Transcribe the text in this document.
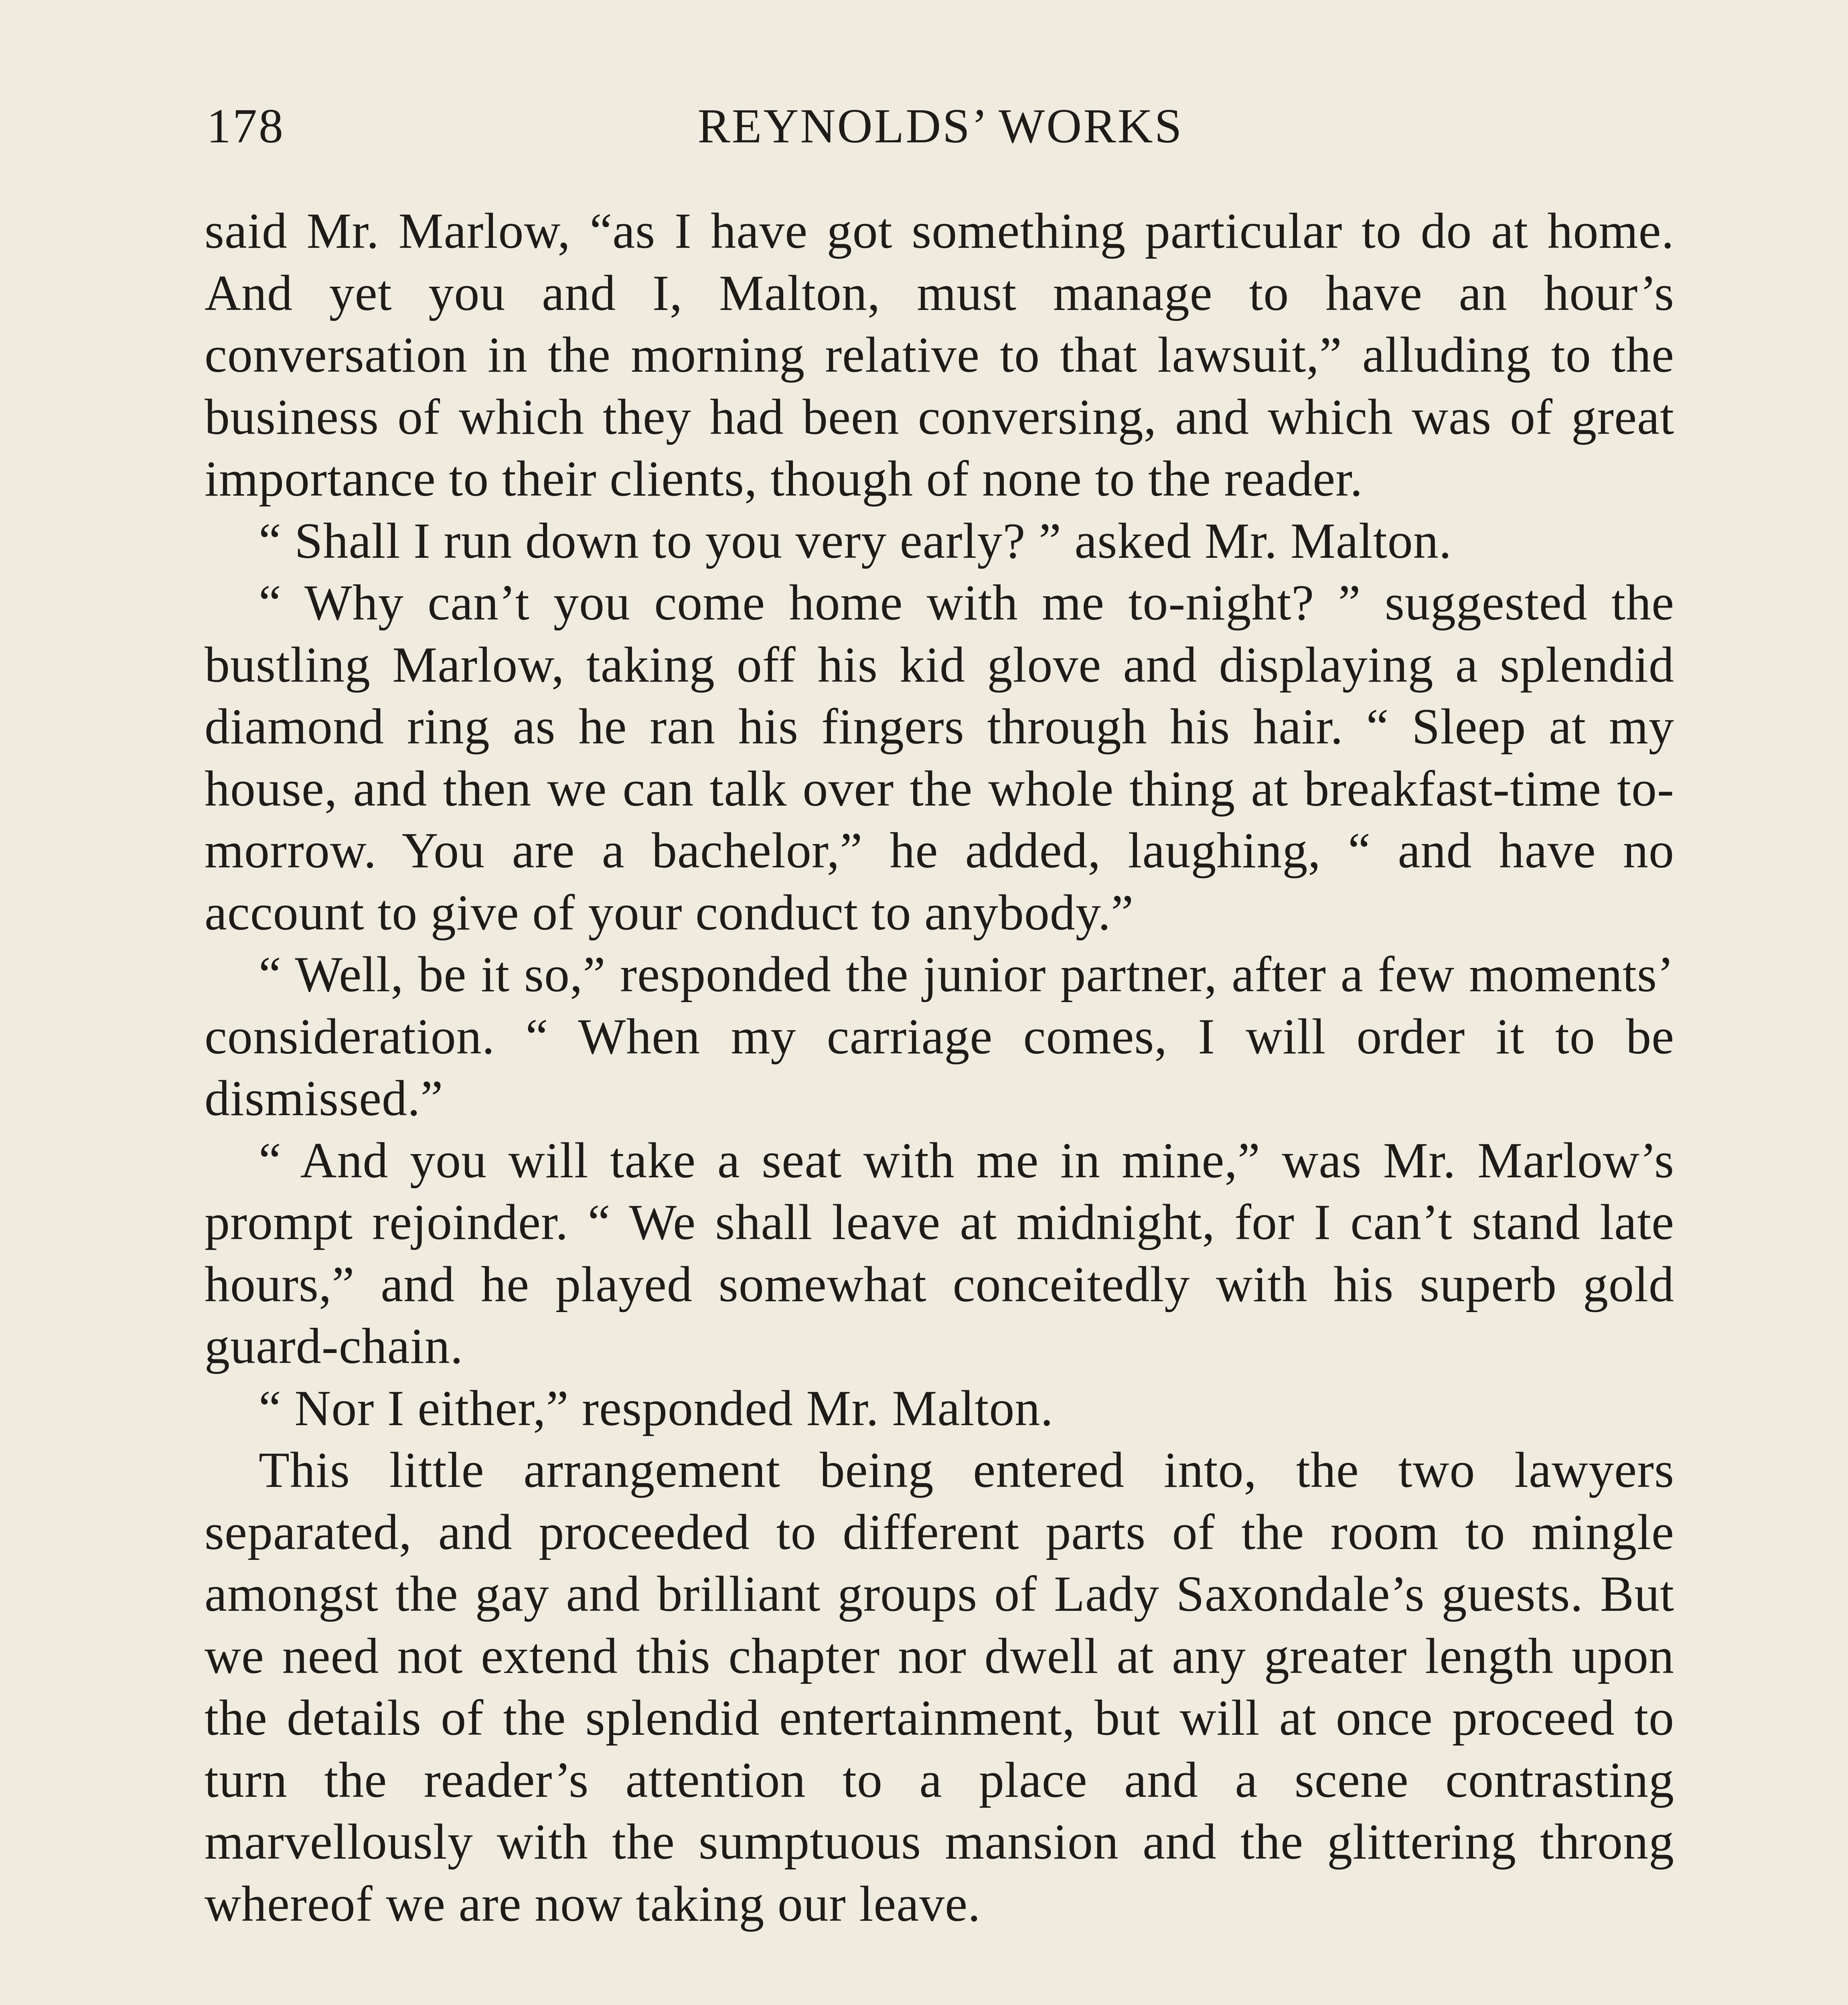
178	REYNOLDS’ WORKS

said Mr. Marlow, “as I have got something particular to do at home. And yet you and I, Malton, must manage to have an hour’s conversation in the morning relative to that lawsuit,” alluding to the business of which they had been conversing, and which was of great importance to their clients, though of none to the reader.

“ Shall I run down to you very early? ” asked Mr. Malton.

“ Why can’t you come home with me to-night? ” suggested the bustling Marlow, taking off his kid glove and displaying a splendid diamond ring as he ran his fingers through his hair. “ Sleep at my house, and then we can talk over the whole thing at breakfast-time to-morrow. You are a bachelor,” he added, laughing, “ and have no account to give of your conduct to anybody.”

“ Well, be it so,” responded the junior partner, after a few moments’ consideration. “ When my carriage comes, I will order it to be dismissed.”

“ And you will take a seat with me in mine,” was Mr. Marlow’s prompt rejoinder. “ We shall leave at midnight, for I can’t stand late hours,” and he played somewhat conceitedly with his superb gold guard-chain.

“ Nor I either,” responded Mr. Malton.

This little arrangement being entered into, the two lawyers separated, and proceeded to different parts of the room to mingle amongst the gay and brilliant groups of Lady Saxondale’s guests. But we need not extend this chapter nor dwell at any greater length upon the details of the splendid entertainment, but will at once proceed to turn the reader’s attention to a place and a scene contrasting marvellously with the sumptuous mansion and the glittering throng whereof we are now taking our leave.
